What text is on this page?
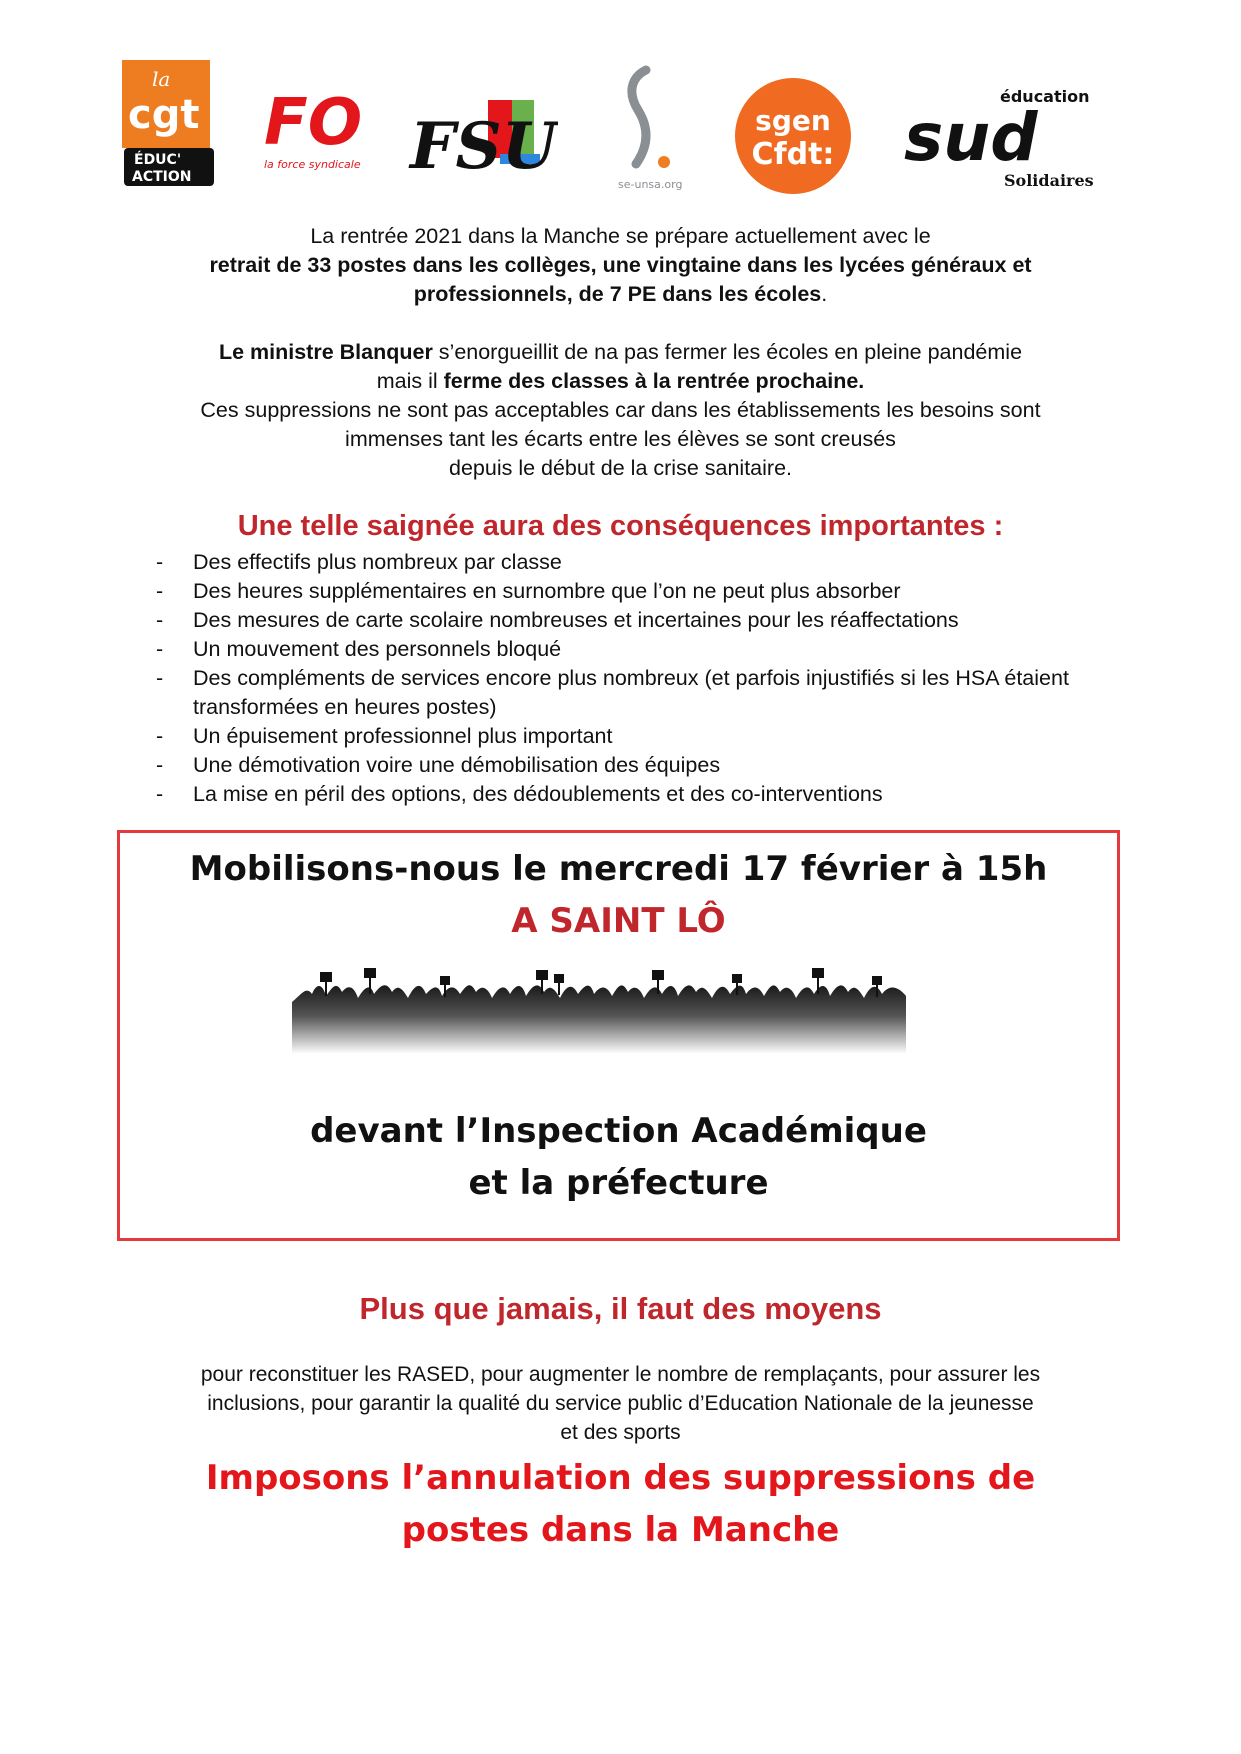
la
cgt
ÉDUC'
ACTION
FO
la force syndicale FSU
se-unsa.org
sgen
Cfdt:
éducation
sud
Solidaires
La rentrée 2021 dans la Manche se prépare actuellement avec le
retrait de 33 postes dans les collèges, une vingtaine dans les lycées généraux et
professionnels, de 7 PE dans les écoles.
Le ministre Blanquer s’enorgueillit de na pas fermer les écoles en pleine pandémie
mais il ferme des classes à la rentrée prochaine.
Ces suppressions ne sont pas acceptables car dans les établissements les besoins sont
immenses tant les écarts entre les élèves se sont creusés
depuis le début de la crise sanitaire.
Une telle saignée aura des conséquences importantes :
- Des effectifs plus nombreux par classe
- Des heures supplémentaires en surnombre que l’on ne peut plus absorber
- Des mesures de carte scolaire nombreuses et incertaines pour les réaffectations
- Un mouvement des personnels bloqué
- Des compléments de services encore plus nombreux (et parfois injustifiés si les HSA étaient transformées en heures postes)
- Un épuisement professionnel plus important
- Une démotivation voire une démobilisation des équipes
- La mise en péril des options, des dédoublements et des co-interventions
Mobilisons-nous le mercredi 17 février à 15h
A SAINT LÔ
devant l’Inspection Académique
et la préfecture
Plus que jamais, il faut des moyens
pour reconstituer les RASED, pour augmenter le nombre de remplaçants, pour assurer les
inclusions, pour garantir la qualité du service public d’Education Nationale de la jeunesse
et des sports
Imposons l’annulation des suppressions de
postes dans la Manche
